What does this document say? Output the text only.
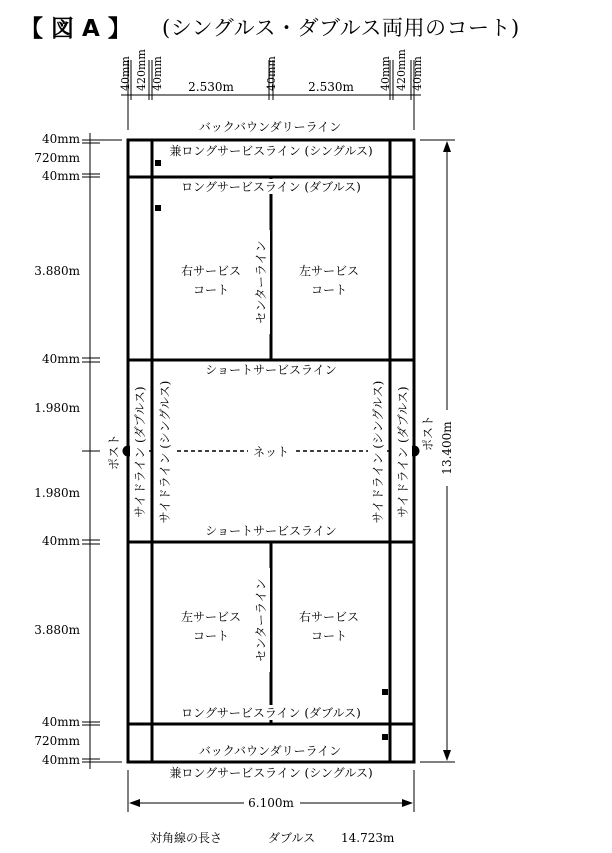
【 図 A 】 (シングルス・ダブルス両用のコート)
バックバウンダリーライン
兼ロングサービスライン (シングルス)
ロングサービスライン (ダブルス)
右サービス
コート
左サービス
コート
センターライン
ショートサービスライン
ネット
ショートサービスライン
左サービス
コート
右サービス
コート
センターライン
ロングサービスライン (ダブルス)
バックバウンダリーライン
兼ロングサービスライン (シングルス)
サイドライン (ダブルス) サイドライン (シングルス)	サイドライン (シングルス) サイドライン (ダブルス)
ポスト
ポスト
40mm 420mm 40mm 2.530m	40mm	2.530m 40mm 420mm 40mm
40mm
720mm
40mm
3.880m
40mm
1.980m
1.980m
40mm
3.880m
40mm
720mm
40mm
13.400m
6.100m
対角線の長さ	ダブルス 14.723m
